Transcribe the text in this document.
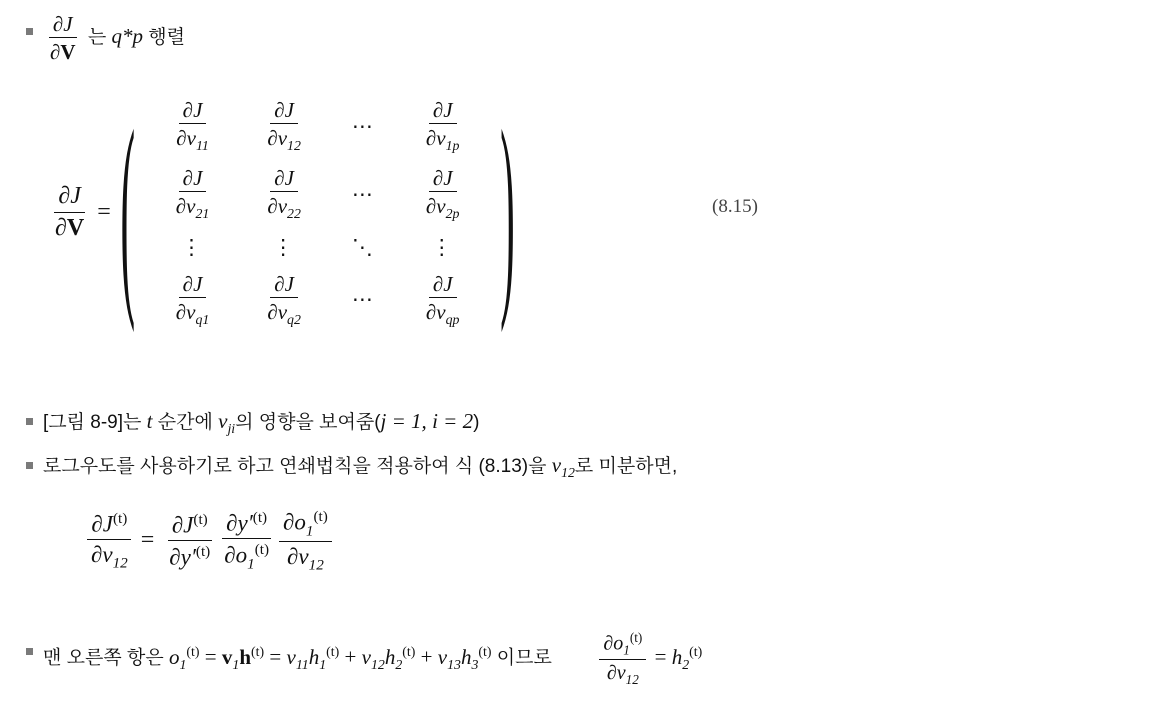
$\frac{\partial J}{\partial V}$ 는 q*p 행렬
$\frac{\partial J}{\partial V}$ = ( $\frac{\partial J}{\partial v_{11}}$	$\frac{\partial J}{\partial v_{12}}$	⋯	$\frac{\partial J}{\partial v_{1p}}$

$\frac{\partial J}{\partial v_{21}}$	$\frac{\partial J}{\partial v_{22}}$	⋯	$\frac{\partial J}{\partial v_{2p}}$

⋮	⋮	⋱	⋮

$\frac{\partial J}{\partial v_{q1}}$	$\frac{\partial J}{\partial v_{q2}}$	⋯	$\frac{\partial J}{\partial v_{qp}}$ )	(8.15)
[그림 8-9]는 t 순간에 $v_{ji}$의 영향을 보여줌(j = 1, i = 2)
로그우도를 사용하기로 하고 연쇄법칙을 적용하여 식 (8.13)을 $v_{12}$로 미분하면,
$\frac{\partial J^{(t)}}{\partial v_{12}} = \frac{\partial J^{(t)}}{\partial y'^{(t)}} \frac{\partial y'^{(t)}}{\partial o_1^{(t)}} \frac{\partial o_1^{(t)}}{\partial v_{12}}$
맨 오른쪽 항은 $o_1^{(t)} = v_1h^{(t)} = v_{11}h_1^{(t)} + v_{12}h_2^{(t)} + v_{13}h_3^{(t)}$ 이므로 $\frac{\partial o_1^{(t)}}{\partial v_{12}} = h_2^{(t)}$
